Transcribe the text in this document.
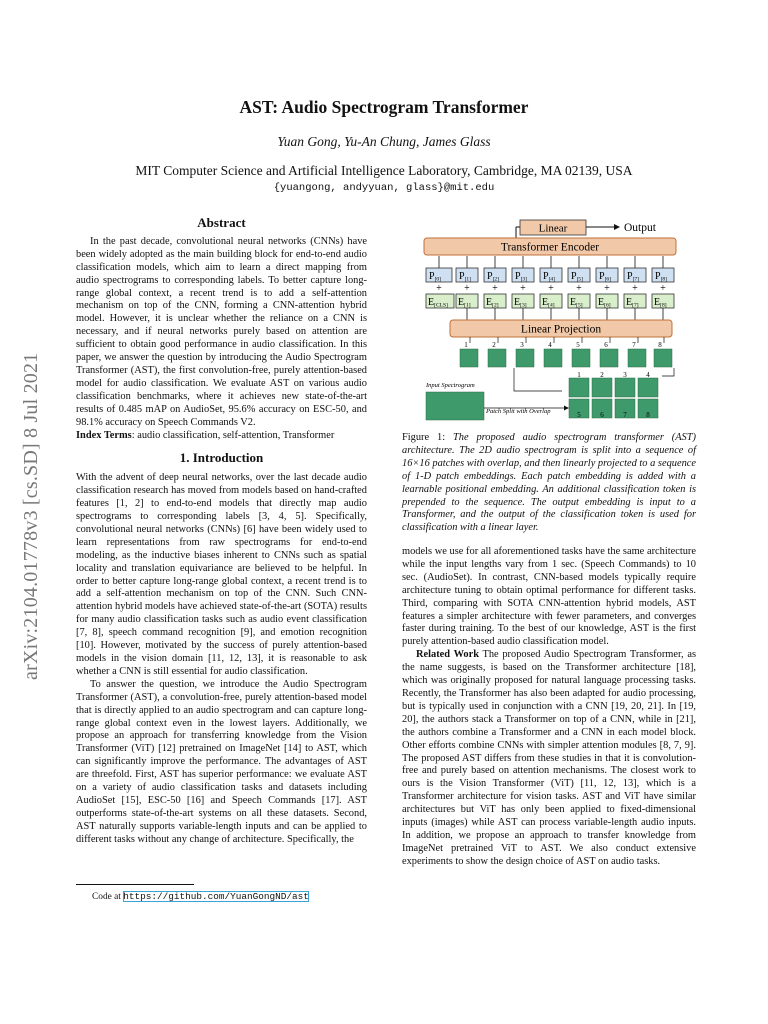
AST: Audio Spectrogram Transformer
Yuan Gong, Yu-An Chung, James Glass
MIT Computer Science and Artificial Intelligence Laboratory, Cambridge, MA 02139, USA
{yuangong, andyyuan, glass}@mit.edu
arXiv:2104.01778v3 [cs.SD] 8 Jul 2021
Abstract

In the past decade, convolutional neural networks (CNNs) have been widely adopted as the main building block for end-to-end audio classification models, which aim to learn a direct mapping from audio spectrograms to corresponding labels. To better capture long-range global context, a recent trend is to add a self-attention mechanism on top of the CNN, forming a CNN-attention hybrid model. However, it is unclear whether the reliance on a CNN is necessary, and if neural networks purely based on attention are sufficient to obtain good performance in audio classification. In this paper, we answer the question by introducing the Audio Spectrogram Transformer (AST), the first convolution-free, purely attention-based model for audio classification. We evaluate AST on various audio classification benchmarks, where it achieves new state-of-the-art results of 0.485 mAP on AudioSet, 95.6% accuracy on ESC-50, and 98.1% accuracy on Speech Commands V2.

Index Terms: audio classification, self-attention, Transformer

1. Introduction

With the advent of deep neural networks, over the last decade audio classification research has moved from models based on hand-crafted features [1, 2] to end-to-end models that directly map audio spectrograms to corresponding labels [3, 4, 5]. Specifically, convolutional neural networks (CNNs) [6] have been widely used to learn representations from raw spectrograms for end-to-end modeling, as the inductive biases inherent to CNNs such as spatial locality and translation equivariance are believed to be helpful. In order to better capture long-range global context, a recent trend is to add a self-attention mechanism on top of the CNN. Such CNN-attention hybrid models have achieved state-of-the-art (SOTA) results for many audio classification tasks such as audio event classification [7, 8], speech command recognition [9], and emotion recognition [10]. However, motivated by the success of purely attention-based models in the vision domain [11, 12, 13], it is reasonable to ask whether a CNN is still essential for audio classification.

To answer the question, we introduce the Audio Spectrogram Transformer (AST), a convolution-free, purely attention-based model that is directly applied to an audio spectrogram and can capture long-range global context even in the lowest layers. Additionally, we propose an approach for transferring knowledge from the Vision Transformer (ViT) [12] pretrained on ImageNet [14] to AST, which can significantly improve the performance. The advantages of AST are threefold. First, AST has superior performance: we evaluate AST on a variety of audio classification tasks and datasets including AudioSet [15], ESC-50 [16] and Speech Commands [17]. AST outperforms state-of-the-art systems on all these datasets. Second, AST naturally supports variable-length inputs and can be applied to different tasks without any change of architecture. Specifically, the

Linear	Output
Transformer Encoder
P[0]
+
P[1]
+
P[2]
+
P[3]
+
P[4]
+
P[5]
+
P[6]
+
P[7]
+
P[8]
+
E[CLS] E[1] E[2] E[3] E[4] E[5] E[6] E[7] E[8]
Linear Projection
1	2	3	4	5	6	7	8
Input Spectrogram
Patch Split with Overlap
1	2	3	4
5	6	7	8
Figure 1: The proposed audio spectrogram transformer (AST) architecture. The 2D audio spectrogram is split into a sequence of 16×16 patches with overlap, and then linearly projected to a sequence of 1-D patch embeddings. Each patch embedding is added with a learnable positional embedding. An additional classification token is prepended to the sequence. The output embedding is input to a Transformer, and the output of the classification token is used for classification with a linear layer.

models we use for all aforementioned tasks have the same architecture while the input lengths vary from 1 sec. (Speech Commands) to 10 sec. (AudioSet). In contrast, CNN-based models typically require architecture tuning to obtain optimal performance for different tasks. Third, comparing with SOTA CNN-attention hybrid models, AST features a simpler architecture with fewer parameters, and converges faster during training. To the best of our knowledge, AST is the first purely attention-based audio classification model.

Related Work The proposed Audio Spectrogram Transformer, as the name suggests, is based on the Transformer architecture [18], which was originally proposed for natural language processing tasks. Recently, the Transformer has also been adapted for audio processing, but is typically used in conjunction with a CNN [19, 20, 21]. In [19, 20], the authors stack a Transformer on top of a CNN, while in [21], the authors combine a Transformer and a CNN in each model block. Other efforts combine CNNs with simpler attention modules [8, 7, 9]. The proposed AST differs from these studies in that it is convolution-free and purely based on attention mechanisms. The closest work to ours is the Vision Transformer (ViT) [11, 12, 13], which is a Transformer architecture for vision tasks. AST and ViT have similar architectures but ViT has only been applied to fixed-dimensional inputs (images) while AST can process variable-length audio inputs. In addition, we propose an approach to transfer knowledge from ImageNet pretrained ViT to AST. We also conduct extensive experiments to show the design choice of AST on audio tasks.

Code at https://github.com/YuanGongND/ast
